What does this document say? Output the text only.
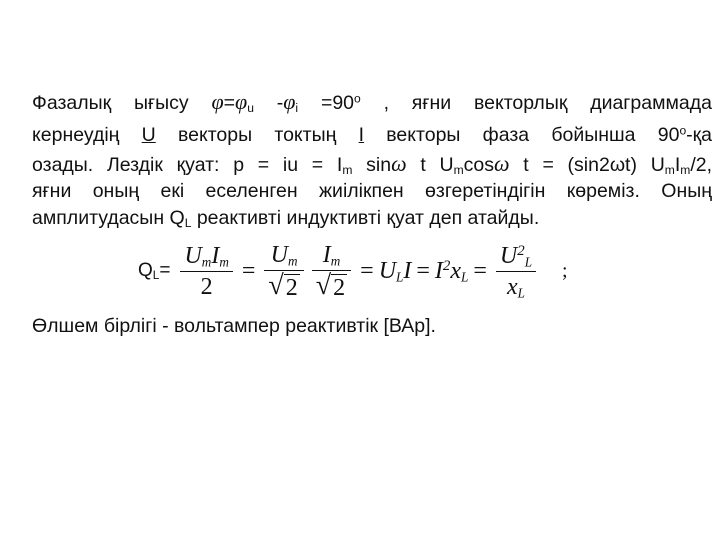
Фазалық ығысу $\varphi=\varphi_u$ $-\varphi_i =90^o$ , яғни векторлық диаграммада
кернеудің U векторы токтың I векторы фаза бойынша 90$^o$-қа
озады. Лездік қуат: p = iu = $I_m$ sinω t $U_m\cos\omega$ t = (sin2ωt) $U_mI_m/2$,
яғни оның екі еселенген жиілікпен өзгеретіндігін көреміз. Оның
амплитудасын $Q_L$ реактивті индуктивті қуат деп атайды.
$Q_L= \frac{U_mI_m}{2} = \frac{U_m}{√ 2} \frac{I_m}{√ 2} = U_LI = I^2x_L = \frac{U^2_L}{x_L}$ ;
Өлшем бірлігі - вольтампер реактивтік [ВАр].
